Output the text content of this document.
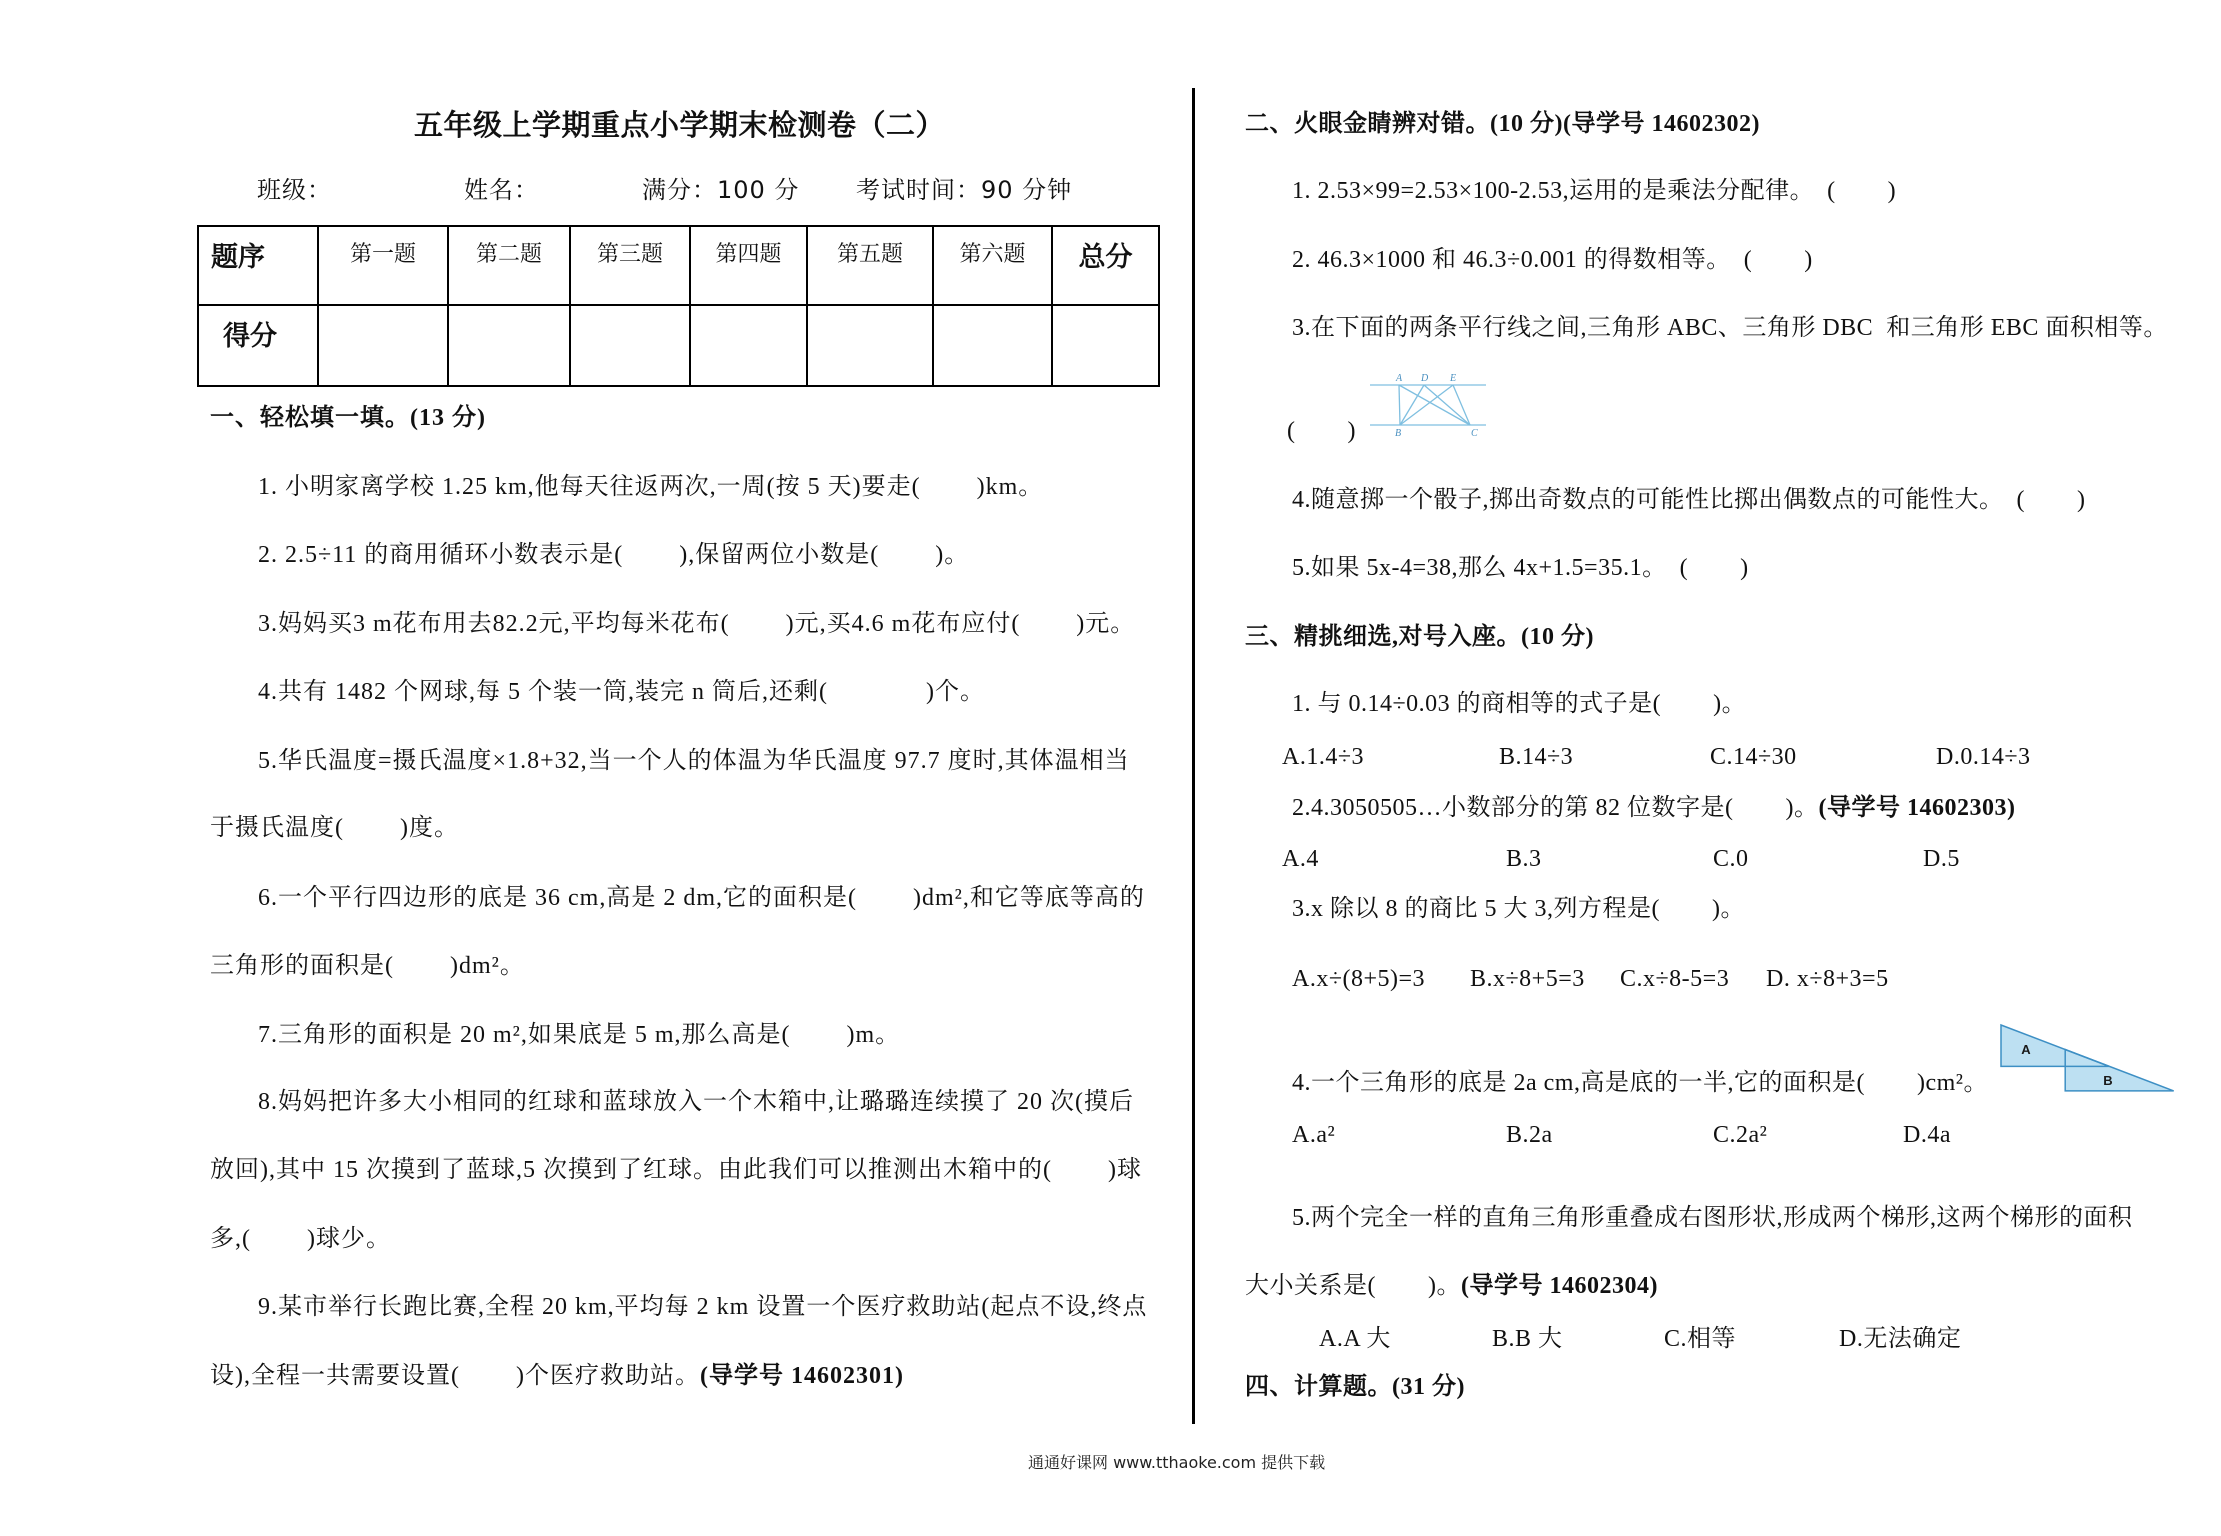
五年级上学期重点小学期末检测卷（二）
班级：	姓名：	满分：100 分 考试时间：90 分钟
题序	第一题	第二题	第三题	第四题	第五题	第六题	总分
得分							
一、轻松填一填。(13 分)
1. 小明家离学校 1.25 km,他每天往返两次,一周(按 5 天)要走(        )km。
2. 2.5÷11 的商用循环小数表示是(        ),保留两位小数是(        )。
3.妈妈买3 m花布用去82.2元,平均每米花布(        )元,买4.6 m花布应付(        )元。
4.共有 1482 个网球,每 5 个装一筒,装完 n 筒后,还剩(              )个。
5.华氏温度=摄氏温度×1.8+32,当一个人的体温为华氏温度 97.7 度时,其体温相当
于摄氏温度(        )度。
6.一个平行四边形的底是 36 cm,高是 2 dm,它的面积是(        )dm²,和它等底等高的
三角形的面积是(        )dm²。
7.三角形的面积是 20 m²,如果底是 5 m,那么高是(        )m。
8.妈妈把许多大小相同的红球和蓝球放入一个木箱中,让璐璐连续摸了 20 次(摸后
放回),其中 15 次摸到了蓝球,5 次摸到了红球。由此我们可以推测出木箱中的(        )球
多,(        )球少。
9.某市举行长跑比赛,全程 20 km,平均每 2 km 设置一个医疗救助站(起点不设,终点
设),全程一共需要设置(        )个医疗救助站。(导学号 14602301)
二、火眼金睛辨对错。(10 分)(导学号 14602302)
1. 2.53×99=2.53×100-2.53,运用的是乘法分配律。  (        )
2. 46.3×1000 和 46.3÷0.001 的得数相等。  (        )
3.在下面的两条平行线之间,三角形 ABC、三角形 DBC  和三角形 EBC 面积相等。
A D E
B	C
(        )
4.随意掷一个骰子,掷出奇数点的可能性比掷出偶数点的可能性大。  (        )
5.如果 5x-4=38,那么 4x+1.5=35.1。  (        )
三、精挑细选,对号入座。(10 分)
1. 与 0.14÷0.03 的商相等的式子是(        )。
A.1.4÷3	B.14÷3	C.14÷30	D.0.14÷3
2.4.3050505…小数部分的第 82 位数字是(        )。(导学号 14602303)
A.4	B.3	C.0	D.5
3.x 除以 8 的商比 5 大 3,列方程是(        )。
A.x÷(8+5)=3 B.x÷8+5=3 C.x÷8-5=3 D. x÷8+3=5
A
B
4.一个三角形的底是 2a cm,高是底的一半,它的面积是(        )cm²。
A.a²	B.2a	C.2a²	D.4a
5.两个完全一样的直角三角形重叠成右图形状,形成两个梯形,这两个梯形的面积
大小关系是(        )。(导学号 14602304)
A.A 大	B.B 大	C.相等	D.无法确定
四、计算题。(31 分)
通通好课网 www.tthaoke.com 提供下载
